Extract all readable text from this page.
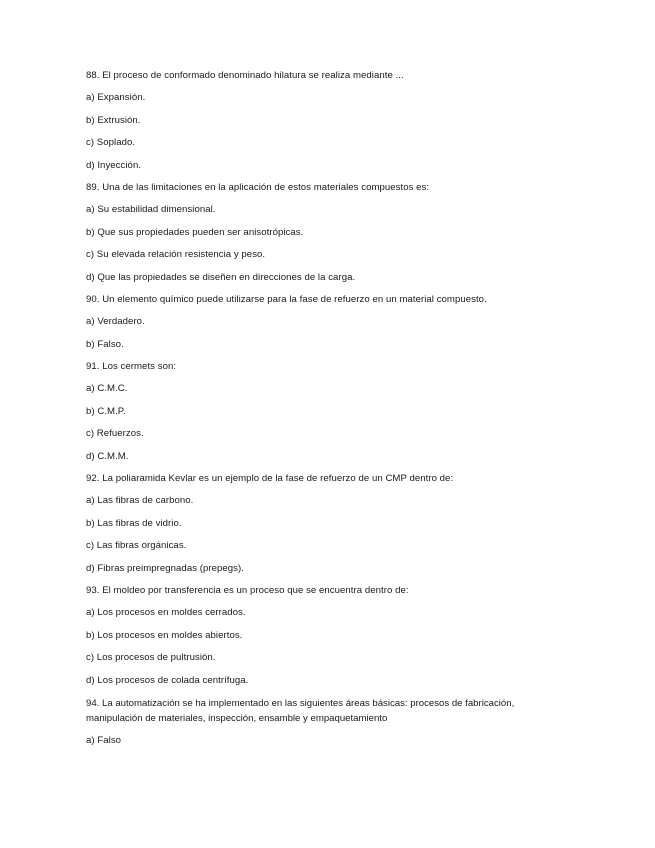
88. El proceso de conformado denominado hilatura se realiza mediante ...
a) Expansión.
b) Extrusión.
c) Soplado.
d) Inyección.
89. Una de las limitaciones en la aplicación de estos materiales compuestos es:
a) Su estabilidad dimensional.
b) Que sus propiedades pueden ser anisotrópicas.
c) Su elevada relación resistencia y peso.
d) Que las propiedades se diseñen en direcciones de la carga.
90. Un elemento químico puede utilizarse para la fase de refuerzo en un material compuesto.
a) Verdadero.
b) Falso.
91. Los cermets son:
a) C.M.C.
b) C.M.P.
c) Refuerzos.
d) C.M.M.
92. La poliaramida Kevlar es un ejemplo de la fase de refuerzo de un CMP dentro de:
a) Las fibras de carbono.
b) Las fibras de vidrio.
c) Las fibras orgánicas.
d) Fibras preimpregnadas (prepegs).
93. El moldeo por transferencia es un proceso que se encuentra dentro de:
a) Los procesos en moldes cerrados.
b) Los procesos en moldes abiertos.
c) Los procesos de pultrusión.
d) Los procesos de colada centrífuga.
94. La automatización se ha implementado en las siguientes áreas básicas: procesos de fabricación, manipulación de materiales, inspección, ensamble y empaquetamiento
a) Falso
